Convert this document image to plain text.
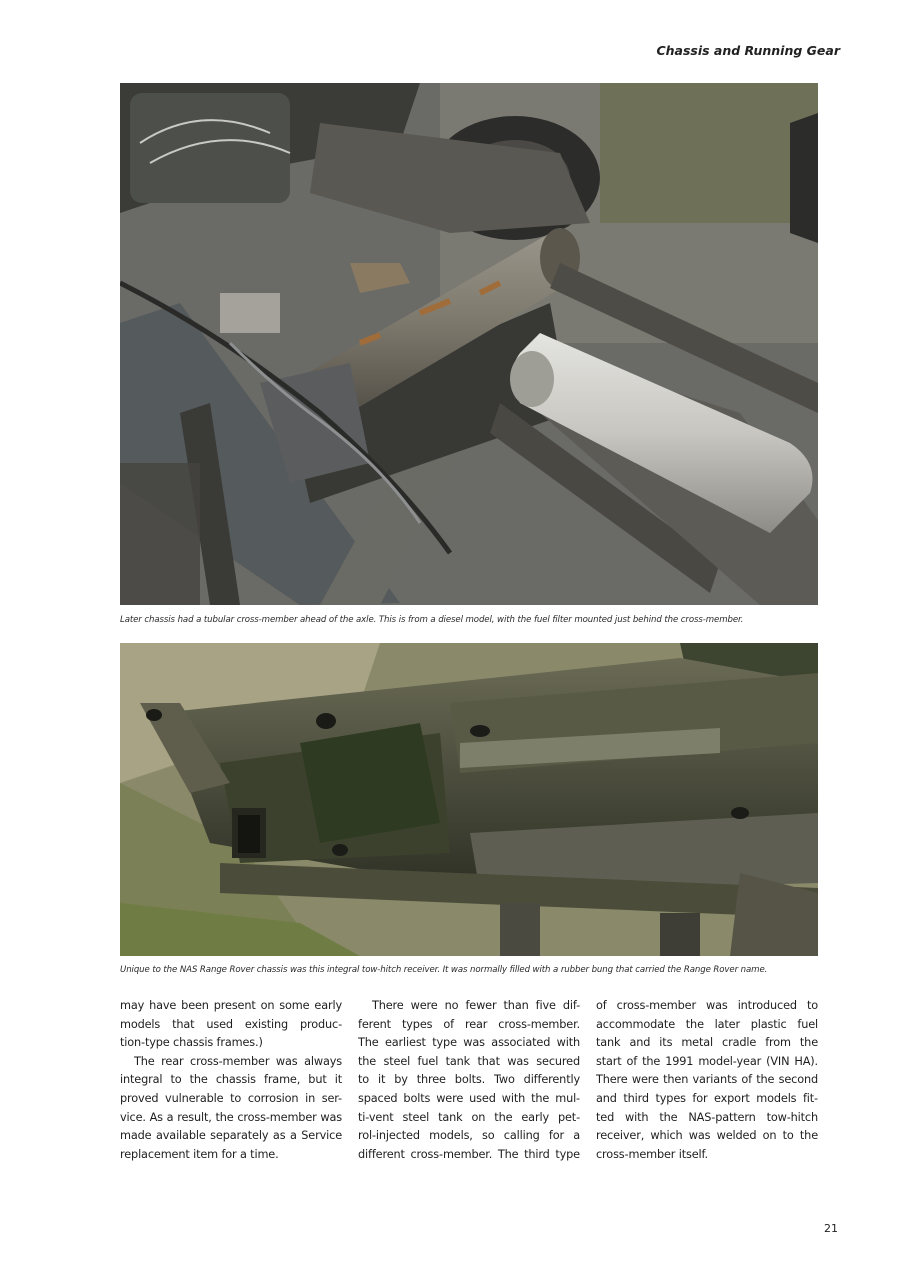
Chassis and Running Gear
Later chassis had a tubular cross-member ahead of the axle. This is from a diesel model, with the fuel filter mounted just behind the cross-member.
Unique to the NAS Range Rover chassis was this integral tow-hitch receiver. It was normally filled with a rubber bung that carried the Range Rover name.
may have been present on some early
models that used existing produc-
tion-type chassis frames.)
The rear cross-member was always
integral to the chassis frame, but it
proved vulnerable to corrosion in ser-
vice. As a result, the cross-member was
made available separately as a Service
replacement item for a time.
There were no fewer than five dif-
ferent types of rear cross-member.
The earliest type was associated with
the steel fuel tank that was secured
to it by three bolts. Two differently
spaced bolts were used with the mul-
ti-vent steel tank on the early pet-
rol-injected models, so calling for a
different cross-member. The third type
of cross-member was introduced to
accommodate the later plastic fuel
tank and its metal cradle from the
start of the 1991 model-year (VIN HA).
There were then variants of the second
and third types for export models fit-
ted with the NAS-pattern tow-hitch
receiver, which was welded on to the
cross-member itself.
21
